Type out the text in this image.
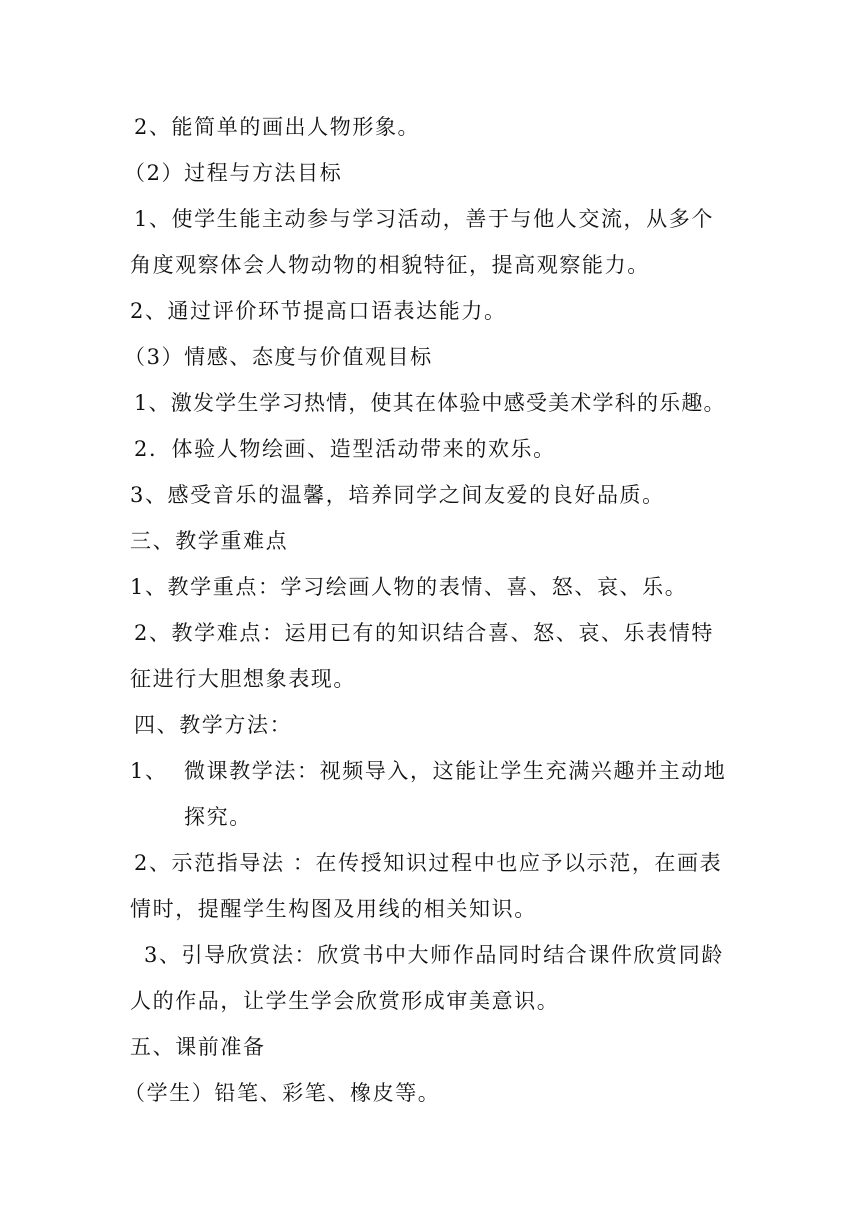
2、能简单的画出人物形象。
（2）过程与方法目标
1、使学生能主动参与学习活动，善于与他人交流，从多个
角度观察体会人物动物的相貌特征，提高观察能力。
2、通过评价环节提高口语表达能力。
（3）情感、态度与价值观目标
1、激发学生学习热情，使其在体验中感受美术学科的乐趣。
2．体验人物绘画、造型活动带来的欢乐。
3、感受音乐的温馨，培养同学之间友爱的良好品质。
三、教学重难点
1、教学重点：学习绘画人物的表情、喜、怒、哀、乐。
2、教学难点：运用已有的知识结合喜、怒、哀、乐表情特
征进行大胆想象表现。
四、教学方法：
1、 微课教学法：视频导入，这能让学生充满兴趣并主动地
探究。
2、示范指导法 ：在传授知识过程中也应予以示范，在画表
情时，提醒学生构图及用线的相关知识。
3、引导欣赏法：欣赏书中大师作品同时结合课件欣赏同龄
人的作品，让学生学会欣赏形成审美意识。
五、课前准备
（学生）铅笔、彩笔、橡皮等。
